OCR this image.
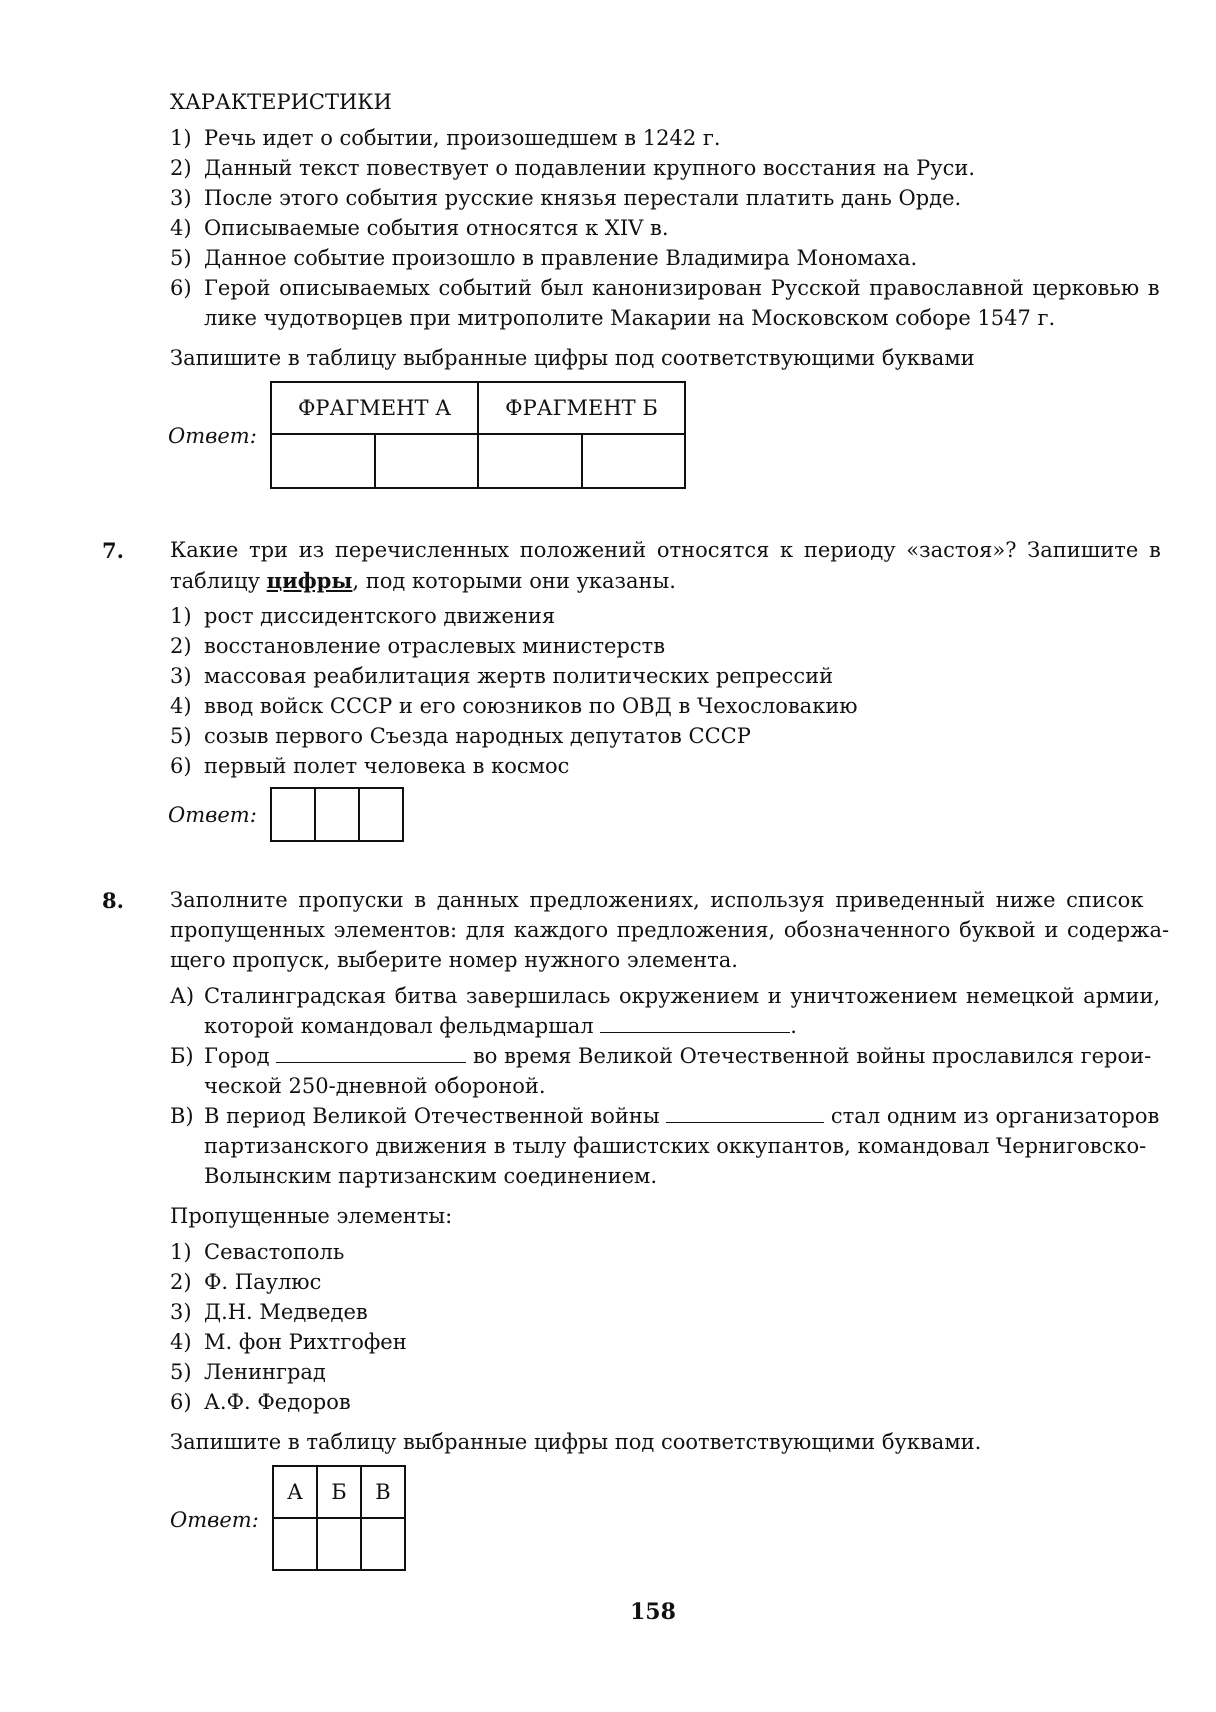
ХАРАКТЕРИСТИКИ
1) Речь идет о событии, произошедшем в 1242 г.
2) Данный текст повествует о подавлении крупного восстания на Руси.
3) После этого события русские князья перестали платить дань Орде.
4) Описываемые события относятся к XIV в.
5) Данное событие произошло в правление Владимира Мономаха.
6) Герой описываемых событий был канонизирован Русской православной церковью в
лике чудотворцев при митрополите Макарии на Московском соборе 1547 г.
Запишите в таблицу выбранные цифры под соответствующими буквами
Ответ:
ФРАГМЕНТ А		ФРАГМЕНТ Б	

7. Какие три из перечисленных положений относятся к периоду «застоя»? Запишите в
таблицу цифры, под которыми они указаны.
1) рост диссидентского движения
2) восстановление отраслевых министерств
3) массовая реабилитация жертв политических репрессий
4) ввод войск СССР и его союзников по ОВД в Чехословакию
5) созыв первого Съезда народных депутатов СССР
6) первый полет человека в космос
Ответ:

8. Заполните пропуски в данных предложениях, используя приведенный ниже список
пропущенных элементов: для каждого предложения, обозначенного буквой и содержа-
щего пропуск, выберите номер нужного элемента.
А) Сталинградская битва завершилась окружением и уничтожением немецкой армии,
которой командовал фельдмаршал	.
Б) Город	во время Великой Отечественной войны прославился герои-
ческой 250-дневной обороной.
В) В период Великой Отечественной войны	стал одним из организаторов
партизанского движения в тылу фашистских оккупантов, командовал Черниговско-
Волынским партизанским соединением.
Пропущенные элементы:
1) Севастополь
2) Ф. Паулюс
3) Д.Н. Медведев
4) М. фон Рихтгофен
5) Ленинград
6) А.Ф. Федоров
Запишите в таблицу выбранные цифры под соответствующими буквами.
Ответ:
А	Б	В

158
